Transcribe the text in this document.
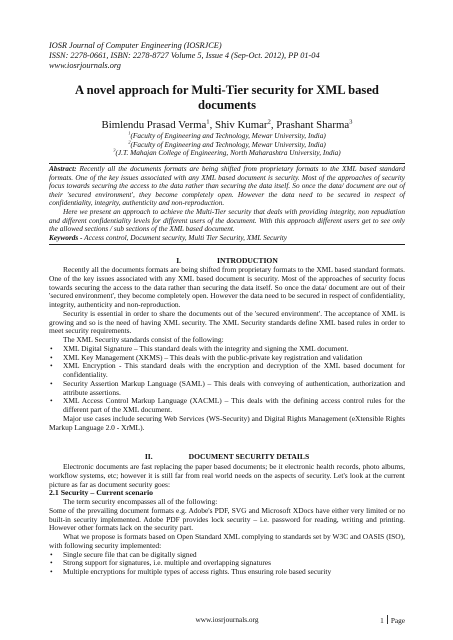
IOSR Journal of Computer Engineering (IOSRJCE)
ISSN: 2278-0661, ISBN: 2278-8727 Volume 5, Issue 4 (Sep-Oct. 2012), PP 01-04
www.iosrjournals.org
A novel approach for Multi-Tier security for XML based documents
Bimlendu Prasad Verma$^1$, Shiv Kumar$^2$, Prashant Sharma$^3$
$^1$(Faculty of Engineering and Technology, Mewar University, India)
$^2$(Faculty of Engineering and Technology, Mewar University, India)
$^3$(J.T. Mahajan College of Engineering, North Maharashtra University, India)

Abstract: Recently all the documents formats are being shifted from proprietary formats to the XML based standard formats. One of the key issues associated with any XML based document is security. Most of the approaches of security focus towards securing the access to the data rather than securing the data itself. So once the data/ document are out of their 'secured environment', they become completely open. However the data need to be secured in respect of confidentiality, integrity, authenticity and non-reproduction.

Here we present an approach to achieve the Multi-Tier security that deals with providing integrity, non repudiation and different confidentiality levels for different users of the document. With this approach different users get to see only the allowed sections / sub sections of the XML based document.

Keywords - Access control, Document security, Multi Tier Security, XML Security

I.	INTRODUCTION

Recently all the documents formats are being shifted from proprietary formats to the XML based standard formats. One of the key issues associated with any XML based document is security. Most of the approaches of security focus towards securing the access to the data rather than securing the data itself. So once the data/ document are out of their 'secured environment', they become completely open. However the data need to be secured in respect of confidentiality, integrity, authenticity and non-reproduction.

Security is essential in order to share the documents out of the 'secured environment'. The acceptance of XML is growing and so is the need of having XML security. The XML Security standards define XML based rules in order to meet security requirements.

The XML Security standards consist of the following:

• XML Digital Signature – This standard deals with the integrity and signing the XML document.
• XML Key Management (XKMS) – This deals with the public-private key registration and validation
• XML Encryption - This standard deals with the encryption and decryption of the XML based document for confidentiality.
• Security Assertion Markup Language (SAML) – This deals with conveying of authentication, authorization and attribute assertions.
• XML Access Control Markup Language (XACML) – This deals with the defining access control rules for the different part of the XML document.

Major use cases include securing Web Services (WS-Security) and Digital Rights Management (eXtensible Rights Markup Language 2.0 - XrML).

II.	DOCUMENT SECURITY DETAILS

Electronic documents are fast replacing the paper based documents; be it electronic health records, photo albums, workflow systems, etc; however it is still far from real world needs on the aspects of security. Let's look at the current picture as far as document security goes:

2.1 Security – Current scenario

The term security encompasses all of the following:

Some of the prevailing document formats e.g. Adobe's PDF, SVG and Microsoft XDocs have either very limited or no built-in security implemented. Adobe PDF provides lock security – i.e. password for reading, writing and printing. However other formats lack on the security part.

What we propose is formats based on Open Standard XML complying to standards set by W3C and OASIS (ISO), with following security implemented:

• Single secure file that can be digitally signed
• Strong support for signatures, i.e. multiple and overlapping signatures
• Multiple encryptions for multiple types of access rights. Thus ensuring role based security
www.iosrjournals.org	1 Page
